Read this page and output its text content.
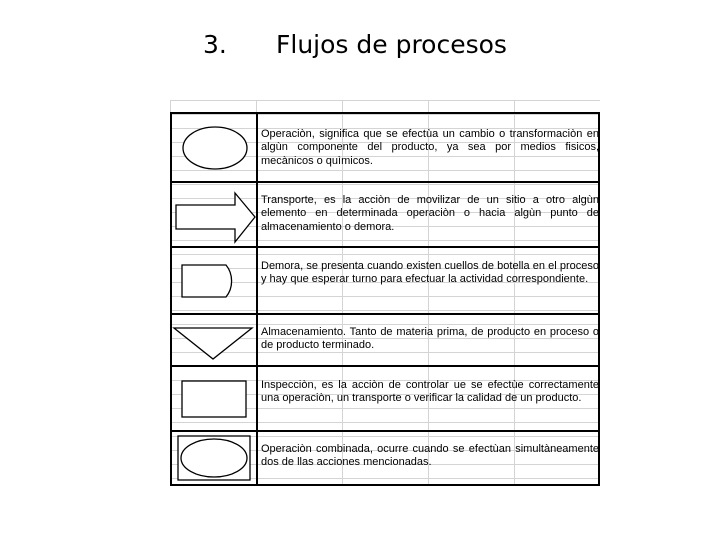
3. Flujos de procesos
Operaciòn, significa que se efectùa un cambio o transformaciòn en algùn componente del producto, ya sea por medios fisicos, mecànicos o quìmicos.
Transporte, es la acciòn de movilizar de un sitio a otro algùn elemento en determinada operaciòn o hacia algùn punto de almacenamiento o demora.
Demora, se presenta cuando existen cuellos de botella en el proceso y hay que esperar turno para efectuar la actividad correspondiente.
Almacenamiento. Tanto de materia prima, de producto en proceso o de producto terminado.
Inspecciòn, es la acciòn de controlar ue se efectùe correctamente una operaciòn, un transporte o verificar la calidad de un producto.
Operaciòn combinada, ocurre cuando se efectùan simultàneamente dos de llas acciones mencionadas.
